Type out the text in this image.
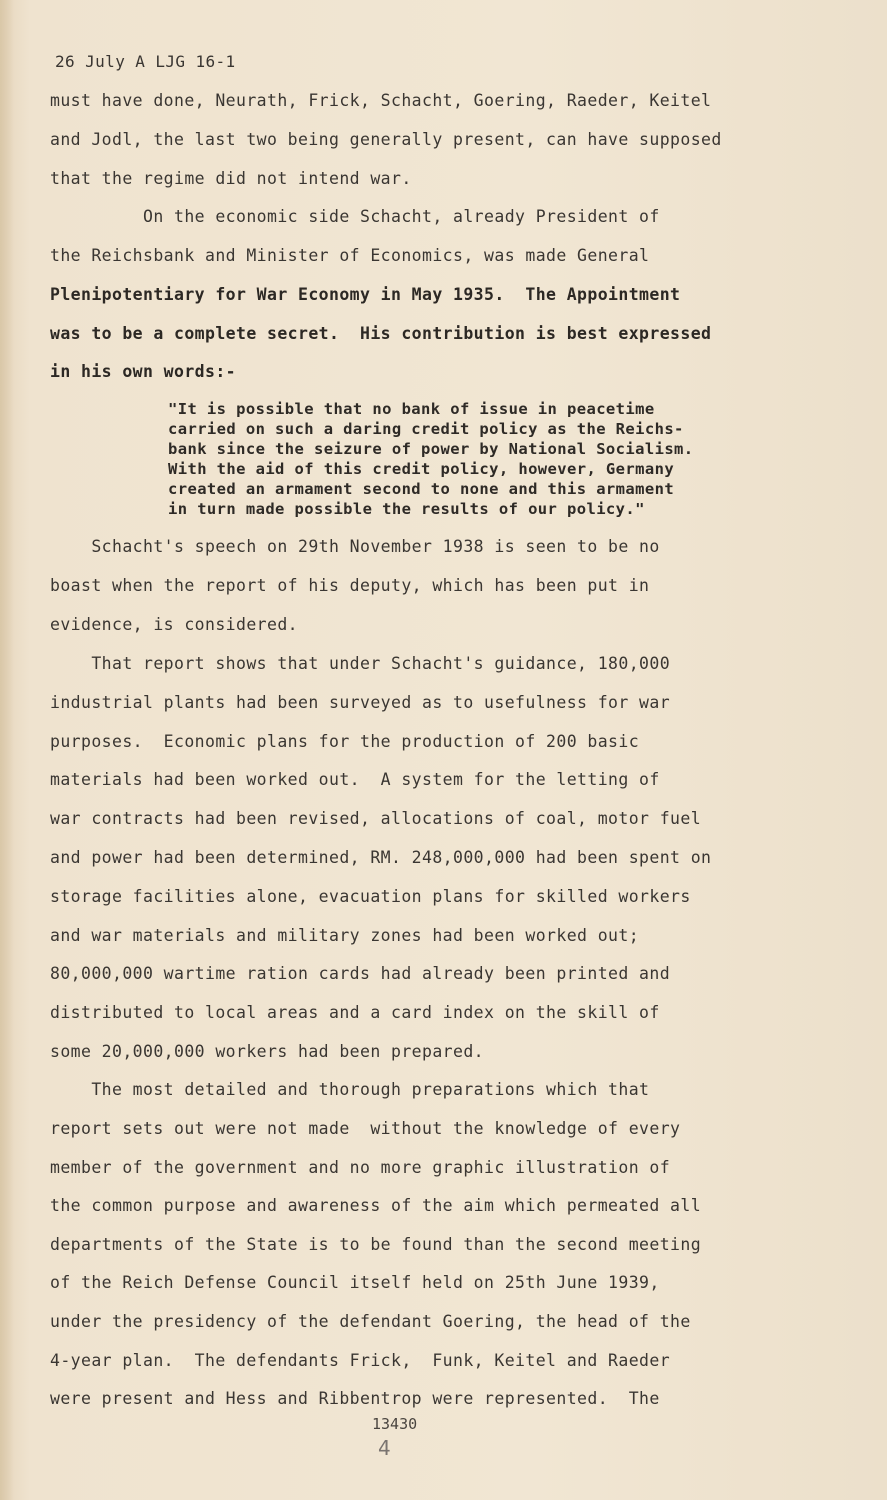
26 July A LJG 16-1
must have done, Neurath, Frick, Schacht, Goering, Raeder, Keitel
and Jodl, the last two being generally present, can have supposed
that the regime did not intend war.
On the economic side Schacht, already President of
the Reichsbank and Minister of Economics, was made General
Plenipotentiary for War Economy in May 1935.  The Appointment
was to be a complete secret.  His contribution is best expressed
in his own words:-
"It is possible that no bank of issue in peacetime
carried on such a daring credit policy as the Reichs-
bank since the seizure of power by National Socialism.
With the aid of this credit policy, however, Germany
created an armament second to none and this armament
in turn made possible the results of our policy."
Schacht's speech on 29th November 1938 is seen to be no
boast when the report of his deputy, which has been put in
evidence, is considered.
That report shows that under Schacht's guidance, 180,000
industrial plants had been surveyed as to usefulness for war
purposes.  Economic plans for the production of 200 basic
materials had been worked out.  A system for the letting of
war contracts had been revised, allocations of coal, motor fuel
and power had been determined, RM. 248,000,000 had been spent on
storage facilities alone, evacuation plans for skilled workers
and war materials and military zones had been worked out;
80,000,000 wartime ration cards had already been printed and
distributed to local areas and a card index on the skill of
some 20,000,000 workers had been prepared.
The most detailed and thorough preparations which that
report sets out were not made  without the knowledge of every
member of the government and no more graphic illustration of
the common purpose and awareness of the aim which permeated all
departments of the State is to be found than the second meeting
of the Reich Defense Council itself held on 25th June 1939,
under the presidency of the defendant Goering, the head of the
4-year plan.  The defendants Frick,  Funk, Keitel and Raeder
were present and Hess and Ribbentrop were represented.  The
13430
4
